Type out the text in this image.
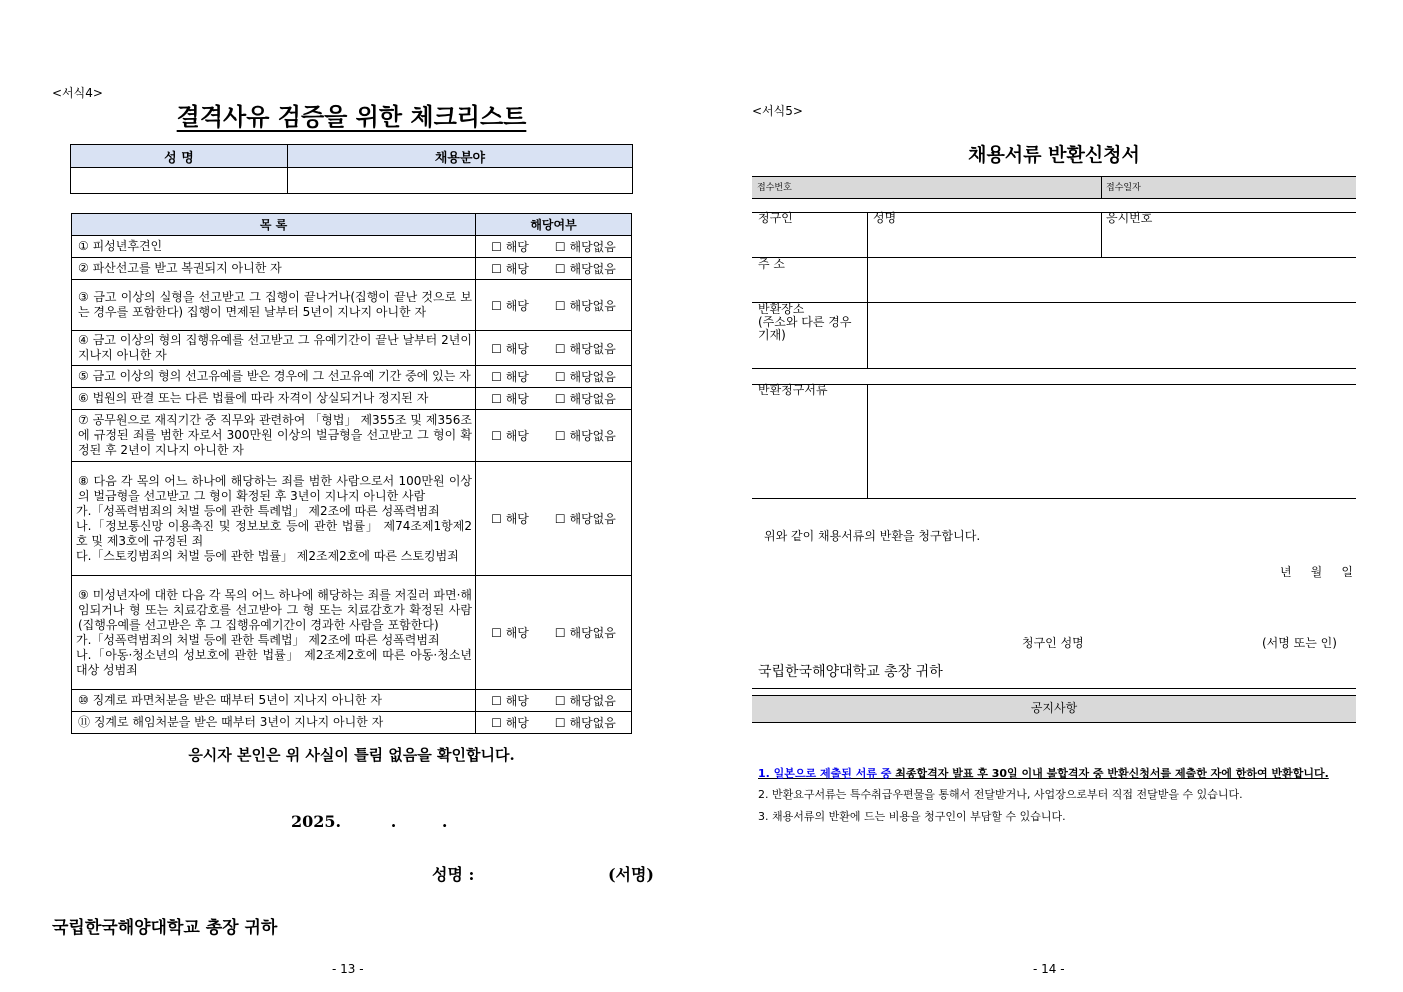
<서식4>
결격사유 검증을 위한 체크리스트
성 명	채용분야

목 록	해당여부
① 피성년후견인	☐ 해당 ☐ 해당없음
② 파산선고를 받고 복권되지 아니한 자	☐ 해당 ☐ 해당없음
③ 금고 이상의 실형을 선고받고 그 집행이 끝나거나(집행이 끝난 것으로 보는 경우를 포함한다) 집행이 면제된 날부터 5년이 지나지 아니한 자	☐ 해당 ☐ 해당없음
④ 금고 이상의 형의 집행유예를 선고받고 그 유예기간이 끝난 날부터 2년이 지나지 아니한 자	☐ 해당 ☐ 해당없음
⑤ 금고 이상의 형의 선고유예를 받은 경우에 그 선고유예 기간 중에 있는 자	☐ 해당 ☐ 해당없음
⑥ 법원의 판결 또는 다른 법률에 따라 자격이 상실되거나 정지된 자	☐ 해당 ☐ 해당없음
⑦ 공무원으로 재직기간 중 직무와 관련하여 「형법」 제355조 및 제356조에 규정된 죄를 범한 자로서 300만원 이상의 벌금형을 선고받고 그 형이 확정된 후 2년이 지나지 아니한 자	☐ 해당 ☐ 해당없음

⑧ 다음 각 목의 어느 하나에 해당하는 죄를 범한 사람으로서 100만원 이상의 벌금형을 선고받고 그 형이 확정된 후 3년이 지나지 아니한 사람
가.「성폭력범죄의 처벌 등에 관한 특례법」 제2조에 따른 성폭력범죄
나.「정보통신망 이용촉진 및 정보보호 등에 관한 법률」 제74조제1항제2호 및 제3호에 규정된 죄
다.「스토킹범죄의 처벌 등에 관한 법률」 제2조제2호에 따른 스토킹범죄	☐ 해당 ☐ 해당없음

⑨ 미성년자에 대한 다음 각 목의 어느 하나에 해당하는 죄를 저질러 파면·해임되거나 형 또는 치료감호를 선고받아 그 형 또는 치료감호가 확정된 사람(집행유예를 선고받은 후 그 집행유예기간이 경과한 사람을 포함한다)
가.「성폭력범죄의 처벌 등에 관한 특례법」 제2조에 따른 성폭력범죄
나.「아동·청소년의 성보호에 관한 법률」 제2조제2호에 따른 아동·청소년대상 성범죄	☐ 해당 ☐ 해당없음
⑩ 징계로 파면처분을 받은 때부터 5년이 지나지 아니한 자	☐ 해당 ☐ 해당없음
⑪ 징계로 해임처분을 받은 때부터 3년이 지나지 아니한 자	☐ 해당 ☐ 해당없음
응시자 본인은 위 사실이 틀림 없음을 확인합니다.
2025.	.	.
성명 :	(서명)
국립한국해양대학교 총장 귀하
- 13 -
<서식5>
채용서류 반환신청서
접수번호	접수일자
청구인	성명	응시번호
주 소
반환장소
(주소와 다른 경우 기재)
반환청구서류
위와 같이 채용서류의 반환을 청구합니다.
년     월     일
청구인 성명	(서명 또는 인)
국립한국해양대학교 총장 귀하
공지사항
1. 일본으로 제출된 서류 중 최종합격자 발표 후 30일 이내 불합격자 중 반환신청서를 제출한 자에 한하여 반환합니다.
2. 반환요구서류는 특수취급우편물을 통해서 전달받거나, 사업장으로부터 직접 전달받을 수 있습니다.
3. 채용서류의 반환에 드는 비용을 청구인이 부담할 수 있습니다.
- 14 -
